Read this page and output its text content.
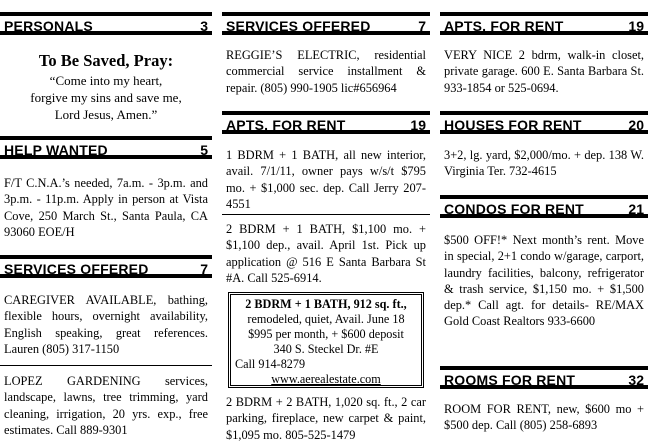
PERSONALS	3
To Be Saved, Pray:
“Come into my heart,
forgive my sins and save me,
Lord Jesus, Amen.”
HELP WANTED	5

F/T C.N.A.’s needed, 7a.m. - 3p.m. and 3p.m. - 11p.m. Apply in person at Vista Cove, 250 March St., Santa Paula, CA 93060 EOE/H

SERVICES OFFERED	7

CAREGIVER AVAILABLE, bathing, flexible hours, overnight availability, English speaking, great references. Lauren (805) 317-1150

LOPEZ GARDENING services, landscape, lawns, tree trimming, yard cleaning, irrigation, 20 yrs. exp., free estimates. Call 889-9301

SERVICES OFFERED	7

REGGIE’S ELECTRIC, residential commercial service installment & repair. (805) 990-1905 lic#656964

APTS. FOR RENT	19

1 BDRM + 1 BATH, all new interior, avail. 7/1/11, owner pays w/s/t $795 mo. + $1,000 sec. dep. Call Jerry 207-4551

2 BDRM + 1 BATH, $1,100 mo. + $1,100 dep., avail. April 1st. Pick up application @ 516 E Santa Barbara St #A. Call 525-6914.

2 BDRM + 1 BATH, 912 sq. ft.,
remodeled, quiet, Avail. June 18
$995 per month, + $600 deposit
340 S. Steckel Dr. #E
Call 914-8279
www.aerealestate.com

2 BDRM + 2 BATH, 1,020 sq. ft., 2 car parking, fireplace, new carpet & paint, $1,095 mo. 805-525-1479

APTS. FOR RENT	19

VERY NICE 2 bdrm, walk-in closet, private garage. 600 E. Santa Barbara St. 933-1854 or 525-0694.

HOUSES FOR RENT	20

3+2, lg. yard, $2,000/mo. + dep. 138 W. Virginia Ter. 732-4615

CONDOS FOR RENT	21

$500 OFF!* Next month’s rent. Move in special, 2+1 condo w/garage, carport, laundry facilities, balcony, refrigerator & trash service, $1,150 mo. + $1,500 dep.* Call agt. for details- RE/MAX Gold Coast Realtors 933-6600

ROOMS FOR RENT	32

ROOM FOR RENT, new, $600 mo + $500 dep. Call (805) 258-6893
